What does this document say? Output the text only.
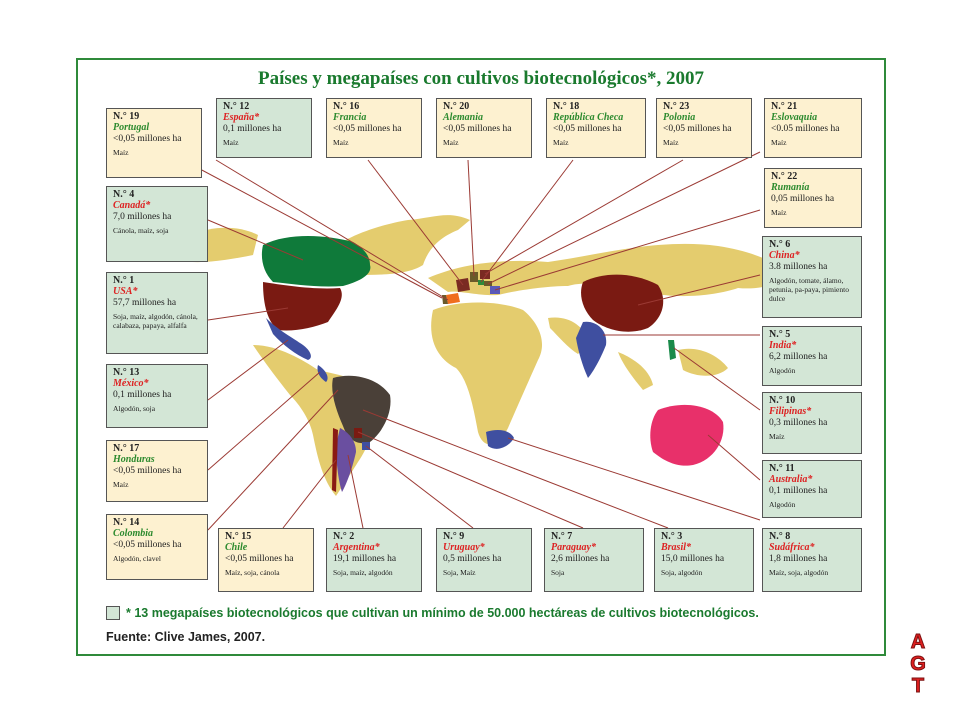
Países y megapaíses con cultivos biotecnológicos*, 2007
N.° 19
Portugal
<0,05 millones ha
Maíz
N.° 12
España*
0,1 millones ha
Maíz
N.° 16
Francia
<0,05 millones ha
Maíz
N.° 20
Alemania
<0,05 millones ha
Maíz
N.° 18
República Checa
<0,05 millones ha
Maíz
N.° 23
Polonia
<0,05 millones ha
Maíz
N.° 21
Eslovaquia
<0.05 millones ha
Maíz
N.° 22
Rumanía
0,05 millones ha
Maíz
N.° 4
Canadá*
7,0 millones ha
Cánola, maíz, soja
N.° 1
USA*
57,7 millones ha
Soja, maíz, algodón, cánola, calabaza, papaya, alfalfa
N.° 13
México*
0,1 millones ha
Algodón, soja
N.° 17
Honduras
<0,05 millones ha
Maíz
N.° 14
Colombia
<0,05 millones ha
Algodón, clavel
N.° 15
Chile
<0,05 millones ha
Maíz, soja, cánola
N.° 2
Argentina*
19,1 millones ha
Soja, maíz, algodón
N.° 9
Uruguay*
0,5 millones ha
Soja, Maíz
N.° 7
Paraguay*
2,6 millones ha
Soja
N.° 3
Brasil*
15,0 millones ha
Soja, algodón
N.° 8
Sudáfrica*
1,8 millones ha
Maíz, soja, algodón
N.° 6
China*
3.8 millones ha
Algodón, tomate, álamo, petunia, pa-paya, pimiento dulce
N.° 5
India*
6,2 millones ha
Algodón
N.° 10
Filipinas*
0,3 millones ha
Maíz
N.° 11
Australia*
0,1 millones ha
Algodón
* 13 megapaíses biotecnológicos que cultivan un mínimo de 50.000 hectáreas de cultivos biotecnológicos.
Fuente: Clive James, 2007.	A
G
T
